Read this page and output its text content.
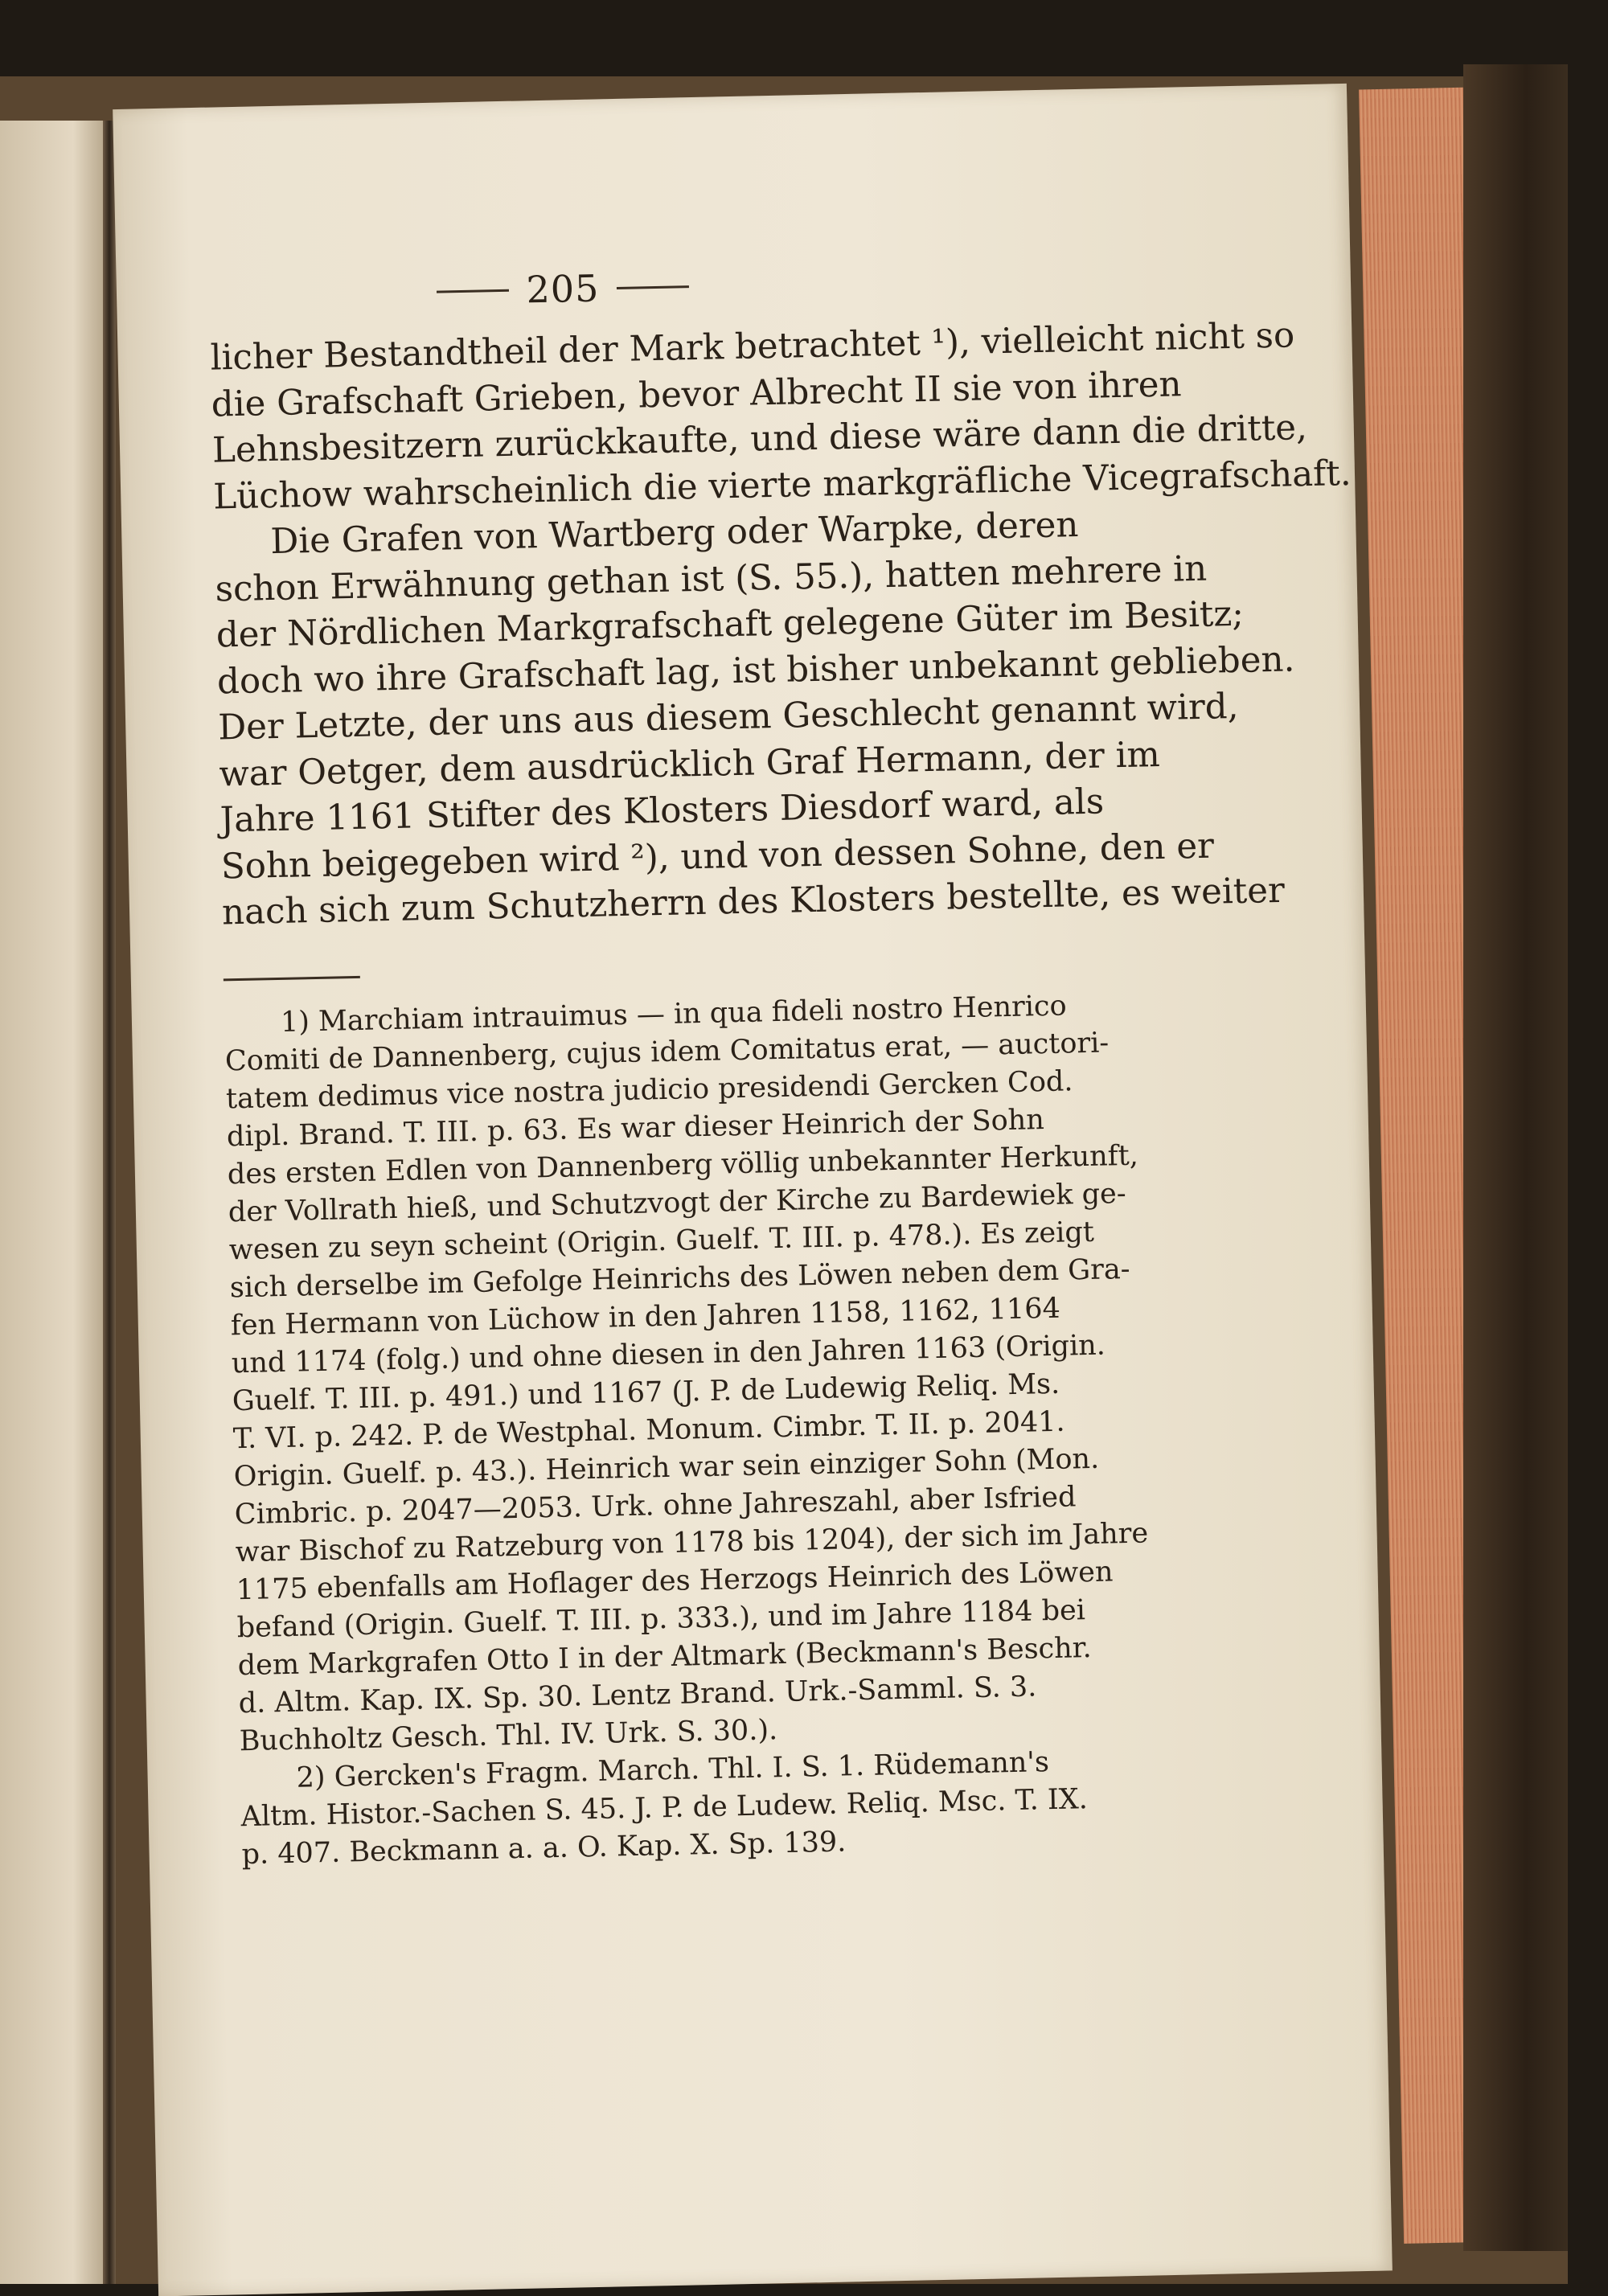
205
licher Bestandtheil der Mark betrachtet ¹), vielleicht nicht so
die Grafschaft Grieben, bevor Albrecht II sie von ihren
Lehnsbesitzern zurückkaufte, und diese wäre dann die dritte,
Lüchow wahrscheinlich die vierte markgräfliche Vicegrafschaft.
Die Grafen von Wartberg oder Warpke, deren
schon Erwähnung gethan ist (S. 55.), hatten mehrere in
der Nördlichen Markgrafschaft gelegene Güter im Besitz;
doch wo ihre Grafschaft lag, ist bisher unbekannt geblieben.
Der Letzte, der uns aus diesem Geschlecht genannt wird,
war Oetger, dem ausdrücklich Graf Hermann, der im
Jahre 1161 Stifter des Klosters Diesdorf ward, als
Sohn beigegeben wird ²), und von dessen Sohne, den er
nach sich zum Schutzherrn des Klosters bestellte, es weiter
1) Marchiam intrauimus — in qua fideli nostro Henrico
Comiti de Dannenberg, cujus idem Comitatus erat, — auctori-
tatem dedimus vice nostra judicio presidendi Gercken Cod.
dipl. Brand. T. III. p. 63. Es war dieser Heinrich der Sohn
des ersten Edlen von Dannenberg völlig unbekannter Herkunft,
der Vollrath hieß, und Schutzvogt der Kirche zu Bardewiek ge-
wesen zu seyn scheint (Origin. Guelf. T. III. p. 478.). Es zeigt
sich derselbe im Gefolge Heinrichs des Löwen neben dem Gra-
fen Hermann von Lüchow in den Jahren 1158, 1162, 1164
und 1174 (folg.) und ohne diesen in den Jahren 1163 (Origin.
Guelf. T. III. p. 491.) und 1167 (J. P. de Ludewig Reliq. Ms.
T. VI. p. 242. P. de Westphal. Monum. Cimbr. T. II. p. 2041.
Origin. Guelf. p. 43.). Heinrich war sein einziger Sohn (Mon.
Cimbric. p. 2047—2053. Urk. ohne Jahreszahl, aber Isfried
war Bischof zu Ratzeburg von 1178 bis 1204), der sich im Jahre
1175 ebenfalls am Hoflager des Herzogs Heinrich des Löwen
befand (Origin. Guelf. T. III. p. 333.), und im Jahre 1184 bei
dem Markgrafen Otto I in der Altmark (Beckmann's Beschr.
d. Altm. Kap. IX. Sp. 30. Lentz Brand. Urk.-Samml. S. 3.
Buchholtz Gesch. Thl. IV. Urk. S. 30.).
2) Gercken's Fragm. March. Thl. I. S. 1. Rüdemann's
Altm. Histor.-Sachen S. 45. J. P. de Ludew. Reliq. Msc. T. IX.
p. 407. Beckmann a. a. O. Kap. X. Sp. 139.
